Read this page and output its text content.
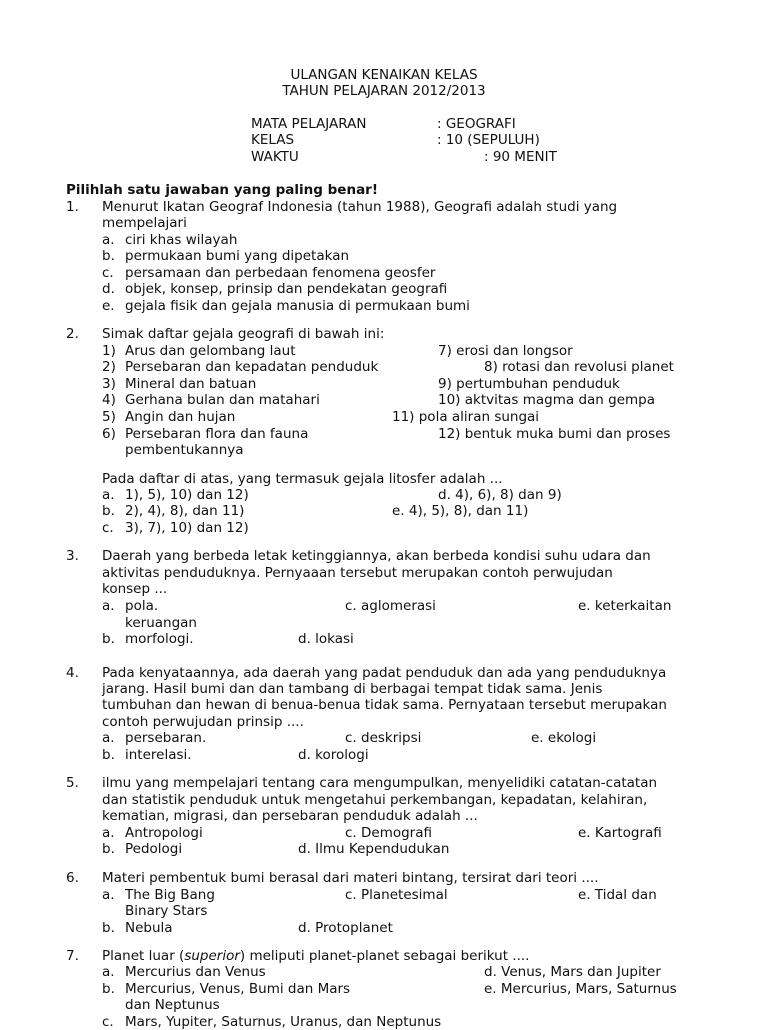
ULANGAN KENAIKAN KELAS
TAHUN PELAJARAN 2012/2013
MATA PELAJARAN	: GEOGRAFI
KELAS	: 10 (SEPULUH)
WAKTU	: 90 MENIT
Pilihlah satu jawaban yang paling benar!
1. Menurut Ikatan Geograf Indonesia (tahun 1988), Geografi adalah studi yang
mempelajari
a. ciri khas wilayah
b. permukaan bumi yang dipetakan
c. persamaan dan perbedaan fenomena geosfer
d. objek, konsep, prinsip dan pendekatan geografi
e. gejala fisik dan gejala manusia di permukaan bumi
2. Simak daftar gejala geografi di bawah ini:
1) Arus dan gelombang laut	7) erosi dan longsor
2) Persebaran dan kepadatan penduduk	8) rotasi dan revolusi planet
3) Mineral dan batuan	9) pertumbuhan penduduk
4) Gerhana bulan dan matahari	10) aktvitas magma dan gempa
5) Angin dan hujan	11) pola aliran sungai
6) Persebaran flora dan fauna	12) bentuk muka bumi dan proses
pembentukannya
Pada daftar di atas, yang termasuk gejala litosfer adalah ...
a. 1), 5), 10) dan 12)	d. 4), 6), 8) dan 9)
b. 2), 4), 8), dan 11)	e. 4), 5), 8), dan 11)
c. 3), 7), 10) dan 12)
3. Daerah yang berbeda letak ketinggiannya, akan berbeda kondisi suhu udara dan
aktivitas penduduknya. Pernyaaan tersebut merupakan contoh perwujudan
konsep ...
a. pola.	c. aglomerasi	e. keterkaitan
keruangan
b. morfologi.	d. lokasi
4. Pada kenyataannya, ada daerah yang padat penduduk dan ada yang penduduknya
jarang. Hasil bumi dan dan tambang di berbagai tempat tidak sama. Jenis
tumbuhan dan hewan di benua-benua tidak sama. Pernyataan tersebut merupakan
contoh perwujudan prinsip ....
a. persebaran.	c. deskripsi	e. ekologi
b. interelasi.	d. korologi
5. ilmu yang mempelajari tentang cara mengumpulkan, menyelidiki catatan-catatan
dan statistik penduduk untuk mengetahui perkembangan, kepadatan, kelahiran,
kematian, migrasi, dan persebaran penduduk adalah ...
a. Antropologi	c. Demografi	e. Kartografi
b. Pedologi	d. Ilmu Kependudukan
6. Materi pembentuk bumi berasal dari materi bintang, tersirat dari teori ....
a. The Big Bang	c. Planetesimal	e. Tidal dan
Binary Stars
b. Nebula	d. Protoplanet
7. Planet luar (superior) meliputi planet-planet sebagai berikut ....
a. Mercurius dan Venus	d. Venus, Mars dan Jupiter
b. Mercurius, Venus, Bumi dan Mars	e. Mercurius, Mars, Saturnus
dan Neptunus
c. Mars, Yupiter, Saturnus, Uranus, dan Neptunus
